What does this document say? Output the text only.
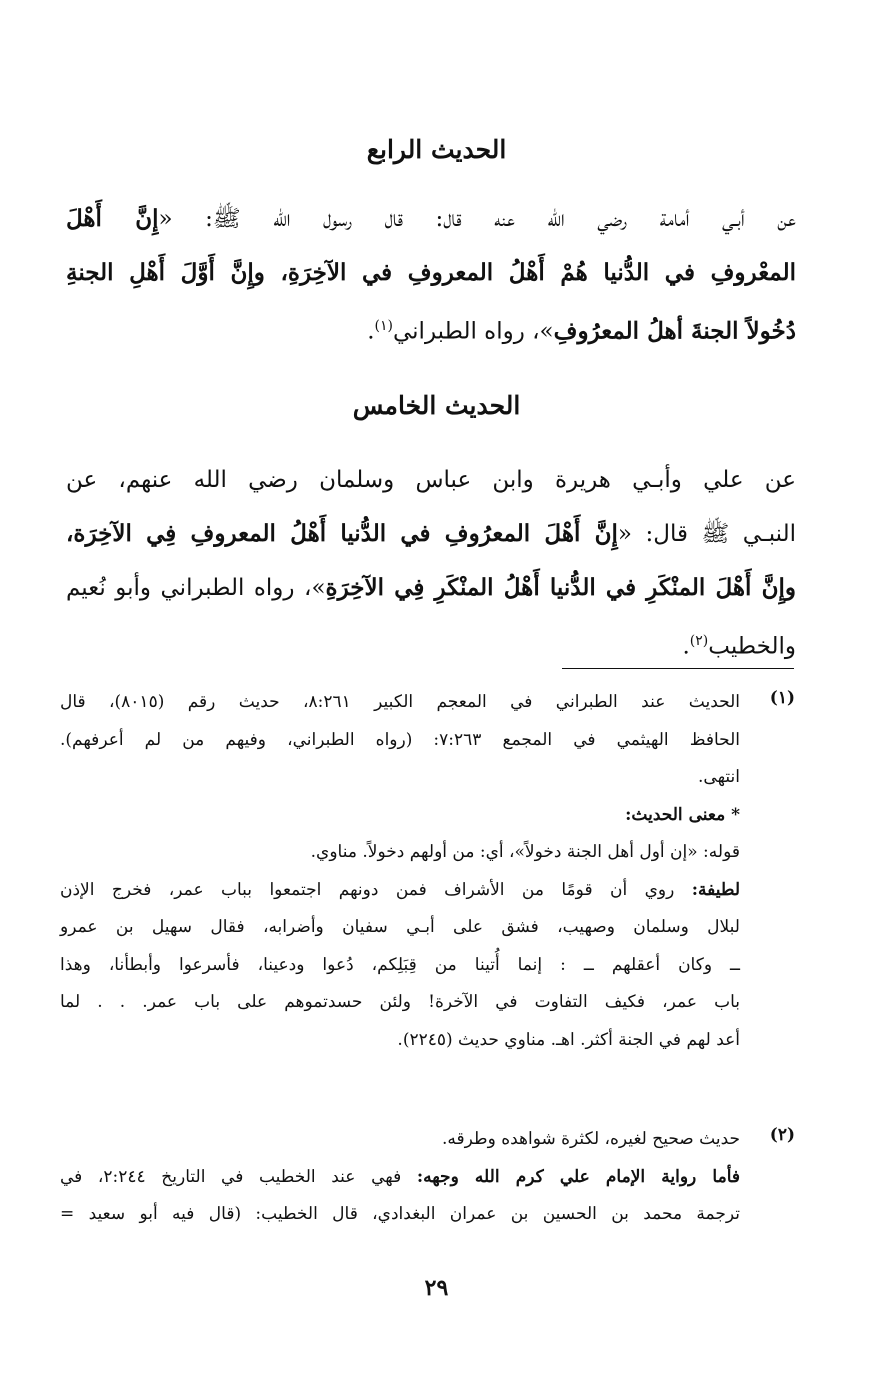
الحديث الرابع
عن أبـي أمامة رضي الله عنه قال: قال رسول الله ﷺ: «إِنَّ أَهْلَ
المعْروفِ في الدُّنيا هُمْ أَهْلُ المعروفِ في الآخِرَةِ، وإِنَّ أَوَّلَ أَهْلِ الجنةِ
دُخُولاً الجنةَ أهلُ المعرُوفِ»، رواه الطبراني$^{(١)}$.
الحديث الخامس
عن علي وأبـي هريرة وابن عباس وسلمان رضي الله عنهم، عن
النبـي ﷺ قال: «إِنَّ أَهْلَ المعرُوفِ في الدُّنيا أَهْلُ المعروفِ فِي الآخِرَة،
وإِنَّ أَهْلَ المنْكَرِ في الدُّنيا أَهْلُ المنْكَرِ فِي الآخِرَةِ»، رواه الطبراني وأبو نُعيم
والخطيب$^{(٢)}$.
(١)
الحديث عند الطبراني في المعجم الكبير ٨:٢٦١، حديث رقم (٨٠١٥)، قال
الحافظ الهيثمي في المجمع ٧:٢٦٣: (رواه الطبراني، وفيهم من لم أعرفهم).
انتهى.
* معنى الحديث:
قوله: «إن أول أهل الجنة دخولاً»، أي: من أولهم دخولاً. مناوي.
لطيفة: روي أن قومًا من الأشراف فمن دونهم اجتمعوا بباب عمر، فخرج الإذن
لبلال وسلمان وصهيب، فشق على أبـي سفيان وأضرابه، فقال سهيل بن عمرو
ــ وكان أعقلهم ــ : إنما أُتينا من قِبَلِكم، دُعوا ودعينا، فأسرعوا وأبطأنا، وهذا
باب عمر، فكيف التفاوت في الآخرة! ولئن حسدتموهم على باب عمر. . . لما
أعد لهم في الجنة أكثر. اهـ. مناوي حديث (٢٢٤٥).
(٢)
حديث صحيح لغيره، لكثرة شواهده وطرقه.
فأما رواية الإمام علي كرم الله وجهه: فهي عند الخطيب في التاريخ ٢:٢٤٤، في
ترجمة محمد بن الحسين بن عمران البغدادي، قال الخطيب: (قال فيه أبو سعيد =
٢٩
